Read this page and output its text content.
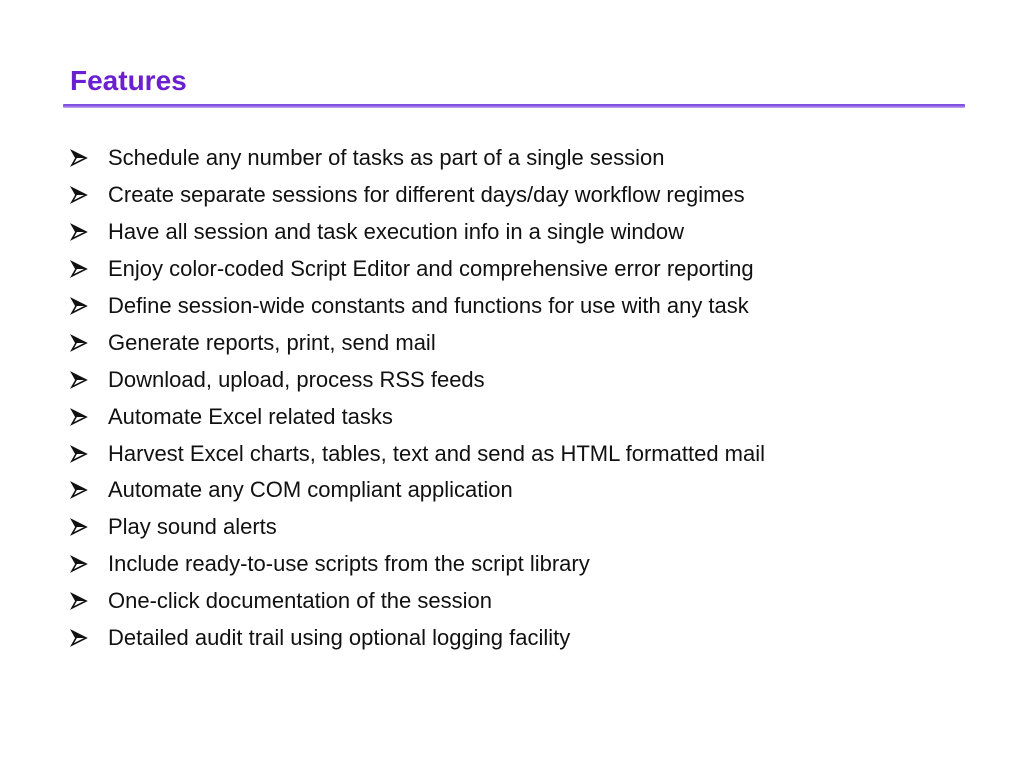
Features
Schedule any number of tasks as part of a single session
Create separate sessions for different days/day workflow regimes
Have all session and task execution info in a single window
Enjoy color-coded Script Editor and comprehensive error reporting
Define session-wide constants and functions for use with any task
Generate reports, print, send mail
Download, upload, process RSS feeds
Automate Excel related tasks
Harvest Excel charts, tables, text and send as HTML formatted mail
Automate any COM compliant application
Play sound alerts
Include ready-to-use scripts from the script library
One-click documentation of the session
Detailed audit trail using optional logging facility
